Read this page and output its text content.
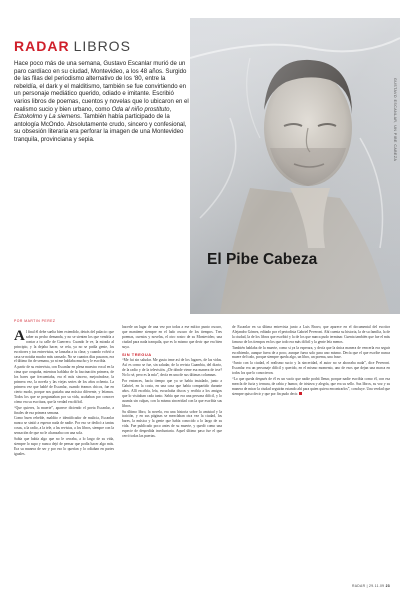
GUSTAVO ESCANLAR, UN PIBE CABEZA
RADAR LIBROS
Hace poco más de una semana, Gustavo Escanlar murió de un paro cardíaco en su ciudad, Montevideo, a los 48 años. Surgido de las filas del periodismo alternativo de los ‘80, entre la rebeldía, el dark y el malditismo, también se fue convirtiendo en un personaje mediático querido, odiado e imitante. Escribió varios libros de poemas, cuentos y novelas que lo ubicaron en el realismo sucio y bien urbano, como Oda al niño prostituto, Estokolmo y La siemens. También había participado de la antología McOndo. Absolutamente crudo, sincero y confesional, su obsesión literaria era perforar la imagen de una Montevideo tranquila, provinciana y sepia.
El Pibe Cabeza
POR MARTIN PEREZ

Al final él debe suelta bien extendido, detrás del palacio: que saber su pecho demanda, y no se sienten los que vendría a contar a tu calle de Guerrero. Cuando le ve, la mirada al principio, y la dejaba hacer, se reía, ya no se podía gente, los escritores y tus entrevistas, se lanzaba a tu clase, y cuando volvió a casa se notaba mucho más cansado. No se cuantos días pasaron, era el último fin de semana, ya ni me hablaba mucho y le escribía.

A partir de su entrevista, con Escanlar en plena muestra vocal en la cima que ocupaba, mientras hablaba de la fascinación primera, de los bares que frecuentaba, era el más sincero, mejorándose, la primera vez, la novela y las viejas series de los años ochenta. La primera vez que hablé de Escanlar, cuando éramos chicos, fue en cierto modo, porque nos gustaba una música diferente, y leíamos. Todos los que se preguntaban por su vida, acababan por conocer cómo era su escritura, que la verdad era difícil.

“Que quieres, la muerte”, aparece diciendo el poeta Escanlar, a finales de esa primera semana.

Como buen rebelde, maldito e identificador de malicia, Escanlar nunca se sintió a esperar nada de nadie. Por eso se dedicó a tantas cosas, a la radio, a la tele, a las revistas, a los libros, siempre con la sensación de que no le alcanzaba con una sola.

Sabía que había algo que no le cerraba, a lo largo de su vida, siempre lo supo y nunca dejó de pensar que podía hacer algo más. Era su manera de ser y por eso lo querían y lo odiaban en partes iguales.

hacerle un lugar de una vez por todas a ese mítico punto oscuro, que mantiene siempre en el lado oscuro de los tiempos. Tres poemas, cuentos y novelas, el otro rostro de su Montevideo, una ciudad para nada tranquila, que es lo mismo que decir que era bien suya.

SIN TREGUA

“Me fui sin saludar. Me gusta irme así de los lugares, de las vidas. Así es como se fue, sin saludar, de la revista Guambia, del diario, de la radio y de la televisión. ¿De dónde viene esa manera de irse? No lo sé, pero es la mía”, decía en una de sus últimas columnas.

Por entonces, hacía tiempo que ya se había instalado, junto a Gabriel, en la costa, en una casa que había compartido durante años. Allí escribía, leía, escuchaba discos y recibía a los amigos que lo visitaban cada tanto. Sabía que era una persona difícil, y lo asumía sin culpas, con la misma sinceridad con la que escribía sus libros.

Su último libro, la novela, era una historia sobre la amistad y la traición, y en sus páginas se mezclaban otra vez la ciudad, los bares, la música y la gente que había conocido a lo largo de su vida. Fue publicado poco antes de su muerte, y quedó como una especie de despedida involuntaria. Aquel último paso fue el que cerró todas las puertas.

de Escanlar en su última entrevista junto a Luis Bravo, que aparece en el documental del escritor Alejandro Gómez, editado por el periodista Gabriel Peveroni. Ahí cuenta su historia, la de su familia, la de la ciudad, la de los libros que escribió y la de los que nunca pudo terminar. Cuenta también que fue el más famoso de los tiempos en los que todo era más difícil y la gente leía menos.

También hablaba de la muerte, como si ya la esperara, y decía que la única manera de vencerla era seguir escribiendo, aunque fuera de a poco, aunque fuera solo para uno mismo. Decía que el que escribe nunca muere del todo, porque siempre queda algo, un libro, un poema, una frase.

“Junto con la ciudad, el realismo sucio y la sinceridad, el autor no se ahorraba nada”, dice Peveroni. Escanlar era un personaje difícil y querido, en el mismo momento, uno de esos que dejan una marca en todos los que lo conocieron.

“Lo que queda después de él es un vacío que nadie podrá llenar, porque nadie escribía como él, con esa mezcla de furia y ternura, de rabia y humor, de tristeza y alegría, que era su sello. Sus libros, su voz y su manera de mirar la ciudad seguirán estando ahí para quien quiera encontrarlos”, concluye. Una verdad que siempre quiso decir y que por fin pudo decir.

RADAR | 29.11.09 23
